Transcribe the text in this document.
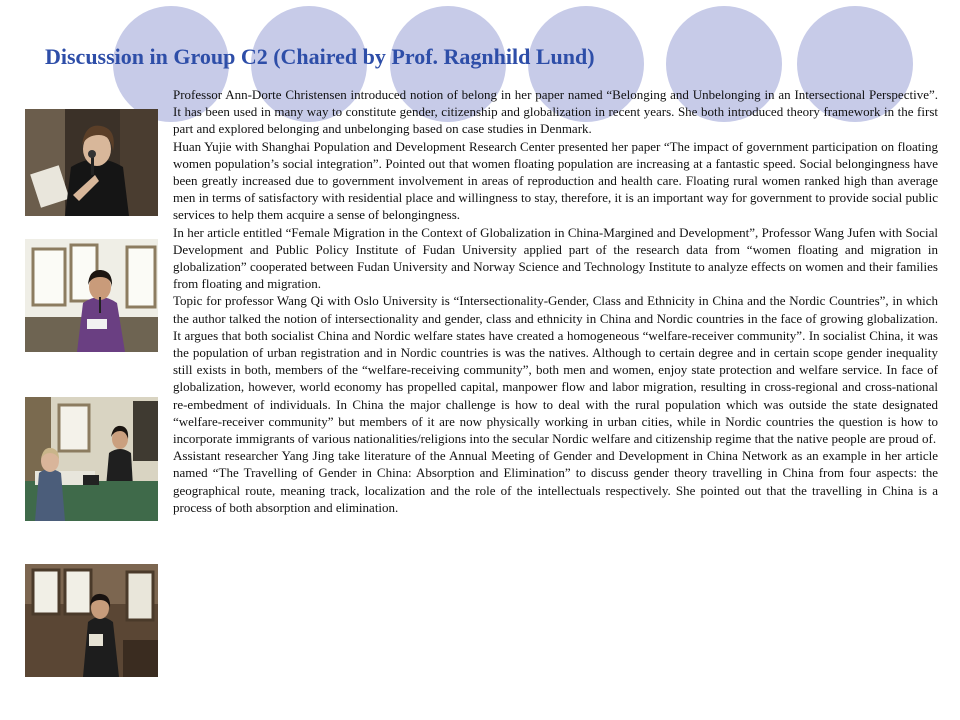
Discussion in Group C2 (Chaired by Prof. Ragnhild Lund)

Professor Ann-Dorte Christensen introduced notion of belong in her paper named “Belonging and Unbelonging in an Intersectional Perspective”. It has been used in many way to constitute gender, citizenship and globalization in recent years. She both introduced theory framework in the first part and explored belonging and unbelonging based on case studies in Denmark.

Huan Yujie with Shanghai Population and Development Research Center presented her paper “The impact of government participation on floating women population’s social integration”. Pointed out that women floating population are increasing at a fantastic speed. Social belongingness have been greatly increased due to government involvement in areas of reproduction and health care. Floating rural women ranked high than average men in terms of satisfactory with residential place and willingness to stay, therefore, it is an important way for government to provide social public services to help them acquire a sense of belongingness.

In her article entitled “Female Migration in the Context of Globalization in China-Margined and Development”, Professor Wang Jufen with Social Development and Public Policy Institute of Fudan University applied part of the research data from “women floating and migration in globalization” cooperated between Fudan University and Norway Science and Technology Institute to analyze effects on women and their families from floating and migration.

Topic for professor Wang Qi with Oslo University is “Intersectionality-Gender, Class and Ethnicity in China and the Nordic Countries”, in which the author talked the notion of intersectionality and gender, class and ethnicity in China and Nordic countries in the face of growing globalization. It argues that both socialist China and Nordic welfare states have created a homogeneous “welfare-receiver community”. In socialist China, it was the population of urban registration and in Nordic countries is was the natives. Although to certain degree and in certain scope gender inequality still exists in both, members of the “welfare-receiving community”, both men and women, enjoy state protection and welfare service. In face of globalization, however, world economy has propelled capital, manpower flow and labor migration, resulting in cross-regional and cross-national re-embedment of individuals. In China the major challenge is how to deal with the rural population which was outside the state designated “welfare-receiver community” but members of it are now physically working in urban cities, while in Nordic countries the question is how to incorporate immigrants of various nationalities/religions into the secular Nordic welfare and citizenship regime that the native people are proud of.

Assistant researcher Yang Jing take literature of the Annual Meeting of Gender and Development in China Network as an example in her article named “The Travelling of Gender in China: Absorption and Elimination” to discuss gender theory travelling in China from four aspects: the geographical route, meaning track, localization and the role of the intellectuals respectively. She pointed out that the travelling in China is a process of both absorption and elimination.
